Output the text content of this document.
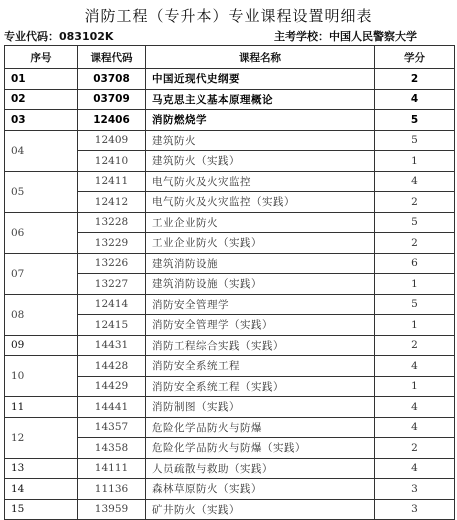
消防工程（专升本）专业课程设置明细表
专业代码：083102K	主考学校：中国人民警察大学
序号	课程代码	课程名称	学分
01	03708	中国近现代史纲要	2
02	03709	马克思主义基本原理概论	4
03	12406	消防燃烧学	5
04	12409	建筑防火	5
	12410	建筑防火（实践）	1
05	12411	电气防火及火灾监控	4
	12412	电气防火及火灾监控（实践）	2
06	13228	工业企业防火	5
	13229	工业企业防火（实践）	2
07	13226	建筑消防设施	6
	13227	建筑消防设施（实践）	1
08	12414	消防安全管理学	5
	12415	消防安全管理学（实践）	1
09	14431	消防工程综合实践（实践）	2
10	14428	消防安全系统工程	4
	14429	消防安全系统工程（实践）	1
11	14441	消防制图（实践）	4
12	14357	危险化学品防火与防爆	4
	14358	危险化学品防火与防爆（实践）	2
13	14111	人员疏散与救助（实践）	4
14	11136	森林草原防火（实践）	3
15	13959	矿井防火（实践）	3
